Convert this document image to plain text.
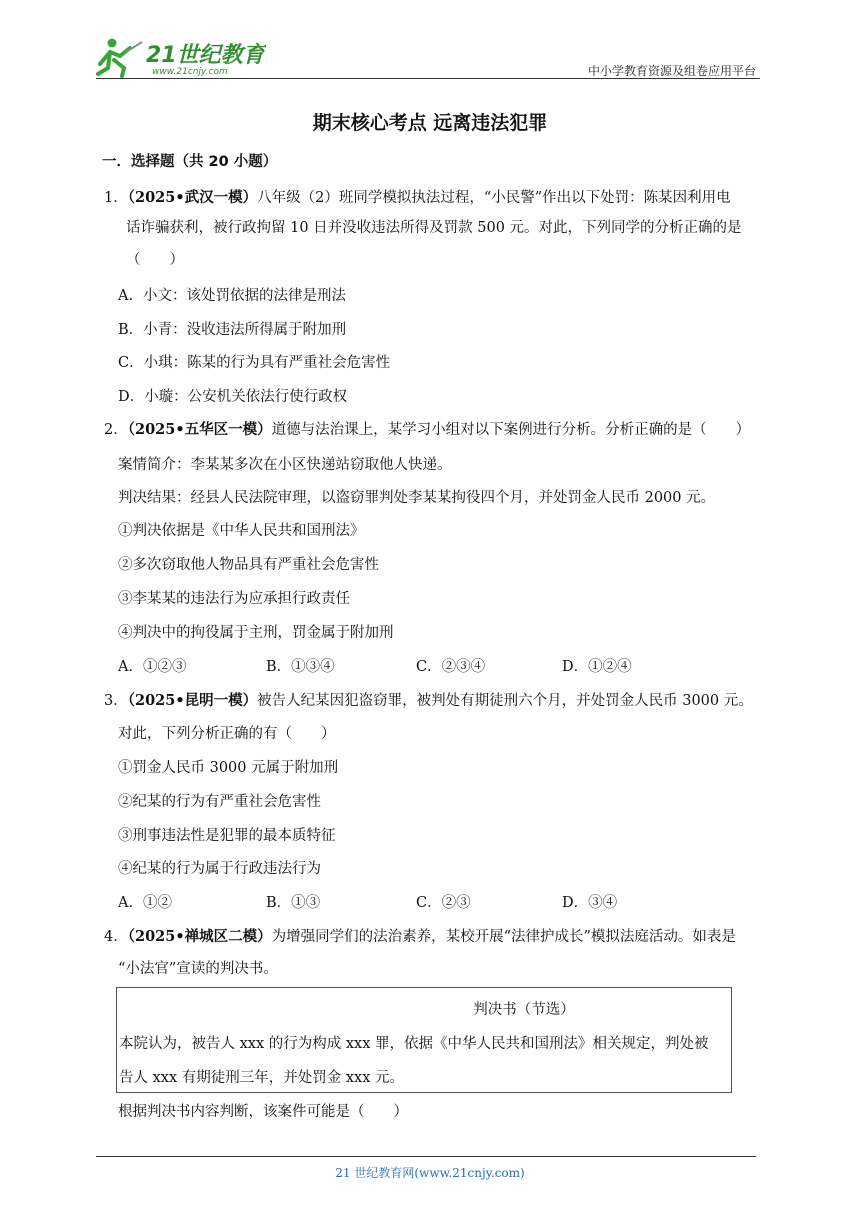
21世纪教育
www.21cnjy.com	中小学教育资源及组卷应用平台
期末核心考点 远离违法犯罪
一．选择题（共 20 小题）
1．（2025•武汉一模）八年级（2）班同学模拟执法过程，“小民警”作出以下处罚：陈某因利用电
话诈骗获利，被行政拘留 10 日并没收违法所得及罚款 500 元。对此，下列同学的分析正确的是
（　　）
A．小文：该处罚依据的法律是刑法
B．小青：没收违法所得属于附加刑
C．小琪：陈某的行为具有严重社会危害性
D．小璇：公安机关依法行使行政权
2．（2025•五华区一模）道德与法治课上，某学习小组对以下案例进行分析。分析正确的是（　　）
案情简介：李某某多次在小区快递站窃取他人快递。
判决结果：经县人民法院审理，以盗窃罪判处李某某拘役四个月，并处罚金人民币 2000 元。
①判决依据是《中华人民共和国刑法》
②多次窃取他人物品具有严重社会危害性
③李某某的违法行为应承担行政责任
④判决中的拘役属于主刑，罚金属于附加刑
A．①②③	B．①③④	C．②③④	D．①②④
3．（2025•昆明一模）被告人纪某因犯盗窃罪，被判处有期徒刑六个月，并处罚金人民币 3000 元。
对此，下列分析正确的有（　　）
①罚金人民币 3000 元属于附加刑
②纪某的行为有严重社会危害性
③刑事违法性是犯罪的最本质特征
④纪某的行为属于行政违法行为
A．①②	B．①③	C．②③	D．③④
4．（2025•禅城区二模）为增强同学们的法治素养，某校开展“法律护成长”模拟法庭活动。如表是
“小法官”宣读的判决书。
判决书（节选）
本院认为，被告人 xxx 的行为构成 xxx 罪，依据《中华人民共和国刑法》相关规定，判处被
告人 xxx 有期徒刑三年，并处罚金 xxx 元。
根据判决书内容判断，该案件可能是（　　）
21 世纪教育网(www.21cnjy.com)
